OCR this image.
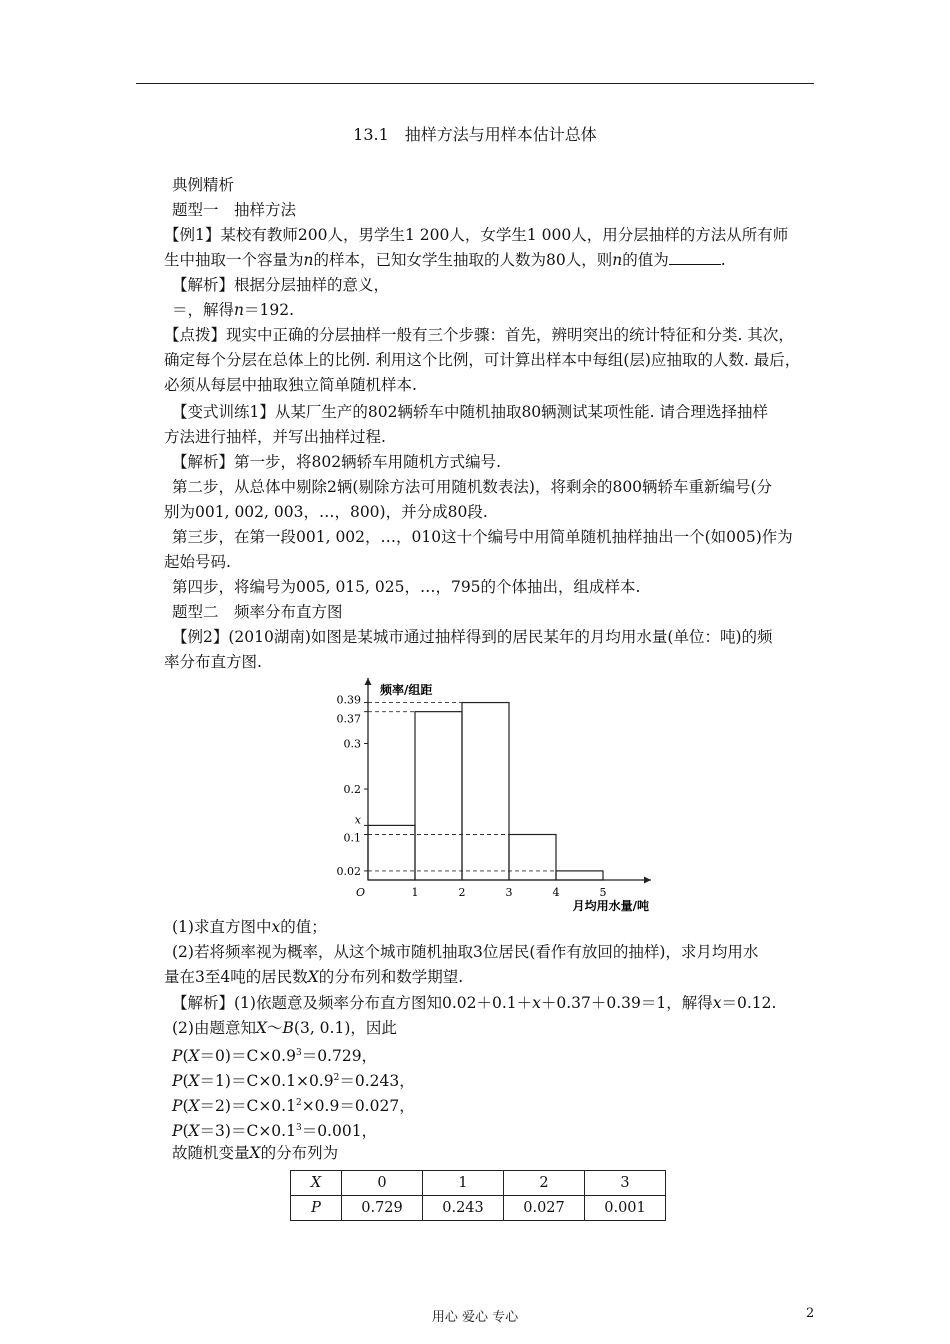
13.1　抽样方法与用样本估计总体
典例精析
题型一　抽样方法
【例1】某校有教师200人，男学生1 200人，女学生1 000人，用分层抽样的方法从所有师
生中抽取一个容量为n的样本，已知女学生抽取的人数为80人，则n的值为	.
【解析】根据分层抽样的意义，
＝，解得n＝192.
【点拨】现实中正确的分层抽样一般有三个步骤：首先，辨明突出的统计特征和分类. 其次，
确定每个分层在总体上的比例. 利用这个比例，可计算出样本中每组(层)应抽取的人数. 最后，
必须从每层中抽取独立简单随机样本.
【变式训练1】从某厂生产的802辆轿车中随机抽取80辆测试某项性能. 请合理选择抽样
方法进行抽样，并写出抽样过程.
【解析】第一步，将802辆轿车用随机方式编号.
第二步，从总体中剔除2辆(剔除方法可用随机数表法)，将剩余的800辆轿车重新编号(分
别为001, 002, 003，…，800)，并分成80段.
第三步，在第一段001, 002，…，010这十个编号中用简单随机抽样抽出一个(如005)作为
起始号码.
第四步，将编号为005, 015, 025，…，795的个体抽出，组成样本.
题型二　频率分布直方图
【例2】(2010湖南)如图是某城市通过抽样得到的居民某年的月均用水量(单位：吨)的频
率分布直方图.
1	2	3	4	5
0.02
0.1
x
0.2
0.3
0.37
0.39
频率/组距
月均用水量/吨
O
(1)求直方图中x的值；
(2)若将频率视为概率，从这个城市随机抽取3位居民(看作有放回的抽样)，求月均用水
量在3至4吨的居民数X的分布列和数学期望.
【解析】(1)依题意及频率分布直方图知0.02＋0.1＋x＋0.37＋0.39＝1，解得x＝0.12.
(2)由题意知X～B(3, 0.1)，因此
$P(X=0)=C\times 0.9^3=0.729$，
$P(X=1)=C\times 0.1\times 0.9^2=0.243$，
$P(X=2)=C\times 0.1^2\times 0.9=0.027$，
$P(X=3)=C\times 0.1^3=0.001$，
故随机变量X的分布列为
X	0	1	2	3
P	0.729	0.243	0.027	0.001
用心 爱心 专心	2
